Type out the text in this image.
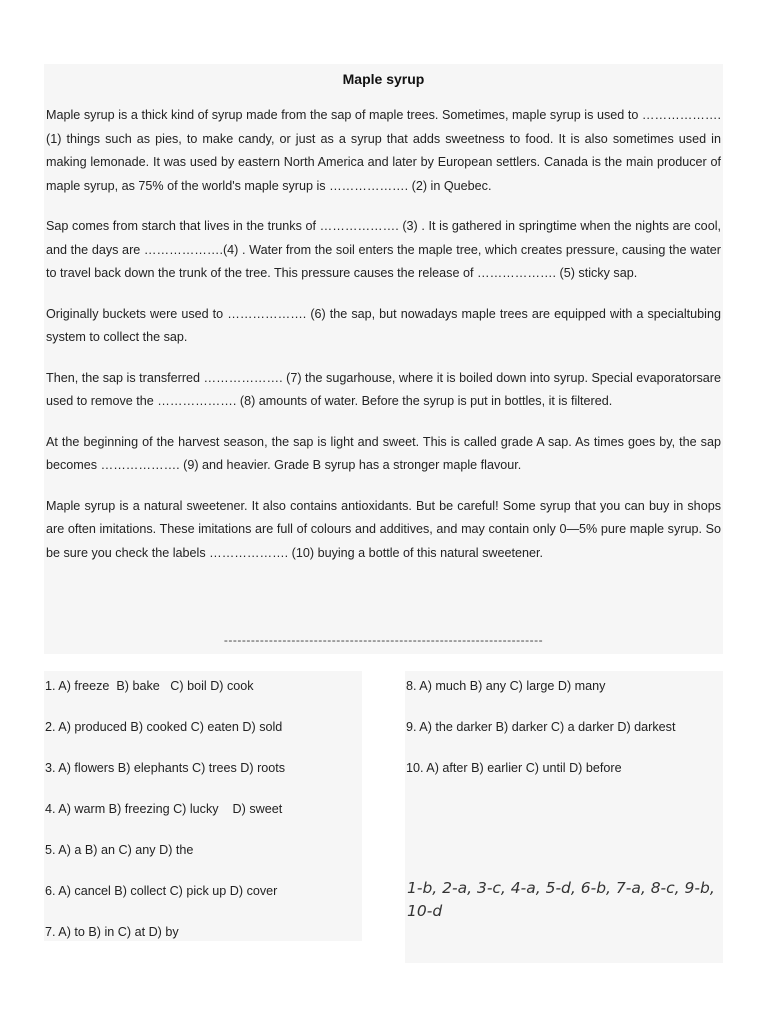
Maple syrup

Maple syrup is a thick kind of syrup made from the sap of maple trees. Sometimes, maple syrup is used to ………………. (1) things such as pies, to make candy, or just as a syrup that adds sweetness to food. It is also sometimes used in making lemonade. It was used by eastern North America and later by European settlers. Canada is the main producer of maple syrup, as 75% of the world's maple syrup is ………………. (2) in Quebec.

Sap comes from starch that lives in the trunks of ………………. (3) . It is gathered in springtime when the nights are cool, and the days are ……………….(4) . Water from the soil enters the maple tree, which creates pressure, causing the water to travel back down the trunk of the tree. This pressure causes the release of ………………. (5) sticky sap.

Originally buckets were used to ………………. (6) the sap, but nowadays maple trees are equipped with a specialtubing system to collect the sap.

Then, the sap is transferred ………………. (7) the sugarhouse, where it is boiled down into syrup. Special evaporatorsare used to remove the ………………. (8) amounts of water. Before the syrup is put in bottles, it is filtered.

At the beginning of the harvest season, the sap is light and sweet. This is called grade A sap. As times goes by, the sap becomes ………………. (9) and heavier. Grade B syrup has a stronger maple flavour.

Maple syrup is a natural sweetener. It also contains antioxidants. But be careful! Some syrup that you can buy in shops are often imitations. These imitations are full of colours and additives, and may contain only 0—5% pure maple syrup. So be sure you check the labels ………………. (10) buying a bottle of this natural sweetener.

-----------------------------------------------------------------------
1. A) freeze  B) bake   C) boil D) cook
2. A) produced B) cooked C) eaten D) sold
3. A) flowers B) elephants C) trees D) roots
4. A) warm B) freezing C) lucky    D) sweet
5. A) a B) an C) any D) the
6. A) cancel B) collect C) pick up D) cover
7. A) to B) in C) at D) by
8. A) much B) any C) large D) many
9. A) the darker B) darker C) a darker D) darkest
10. A) after B) earlier C) until D) before
1-b, 2-a, 3-c, 4-a, 5-d, 6-b, 7-a, 8-c, 9-b, 10-d
